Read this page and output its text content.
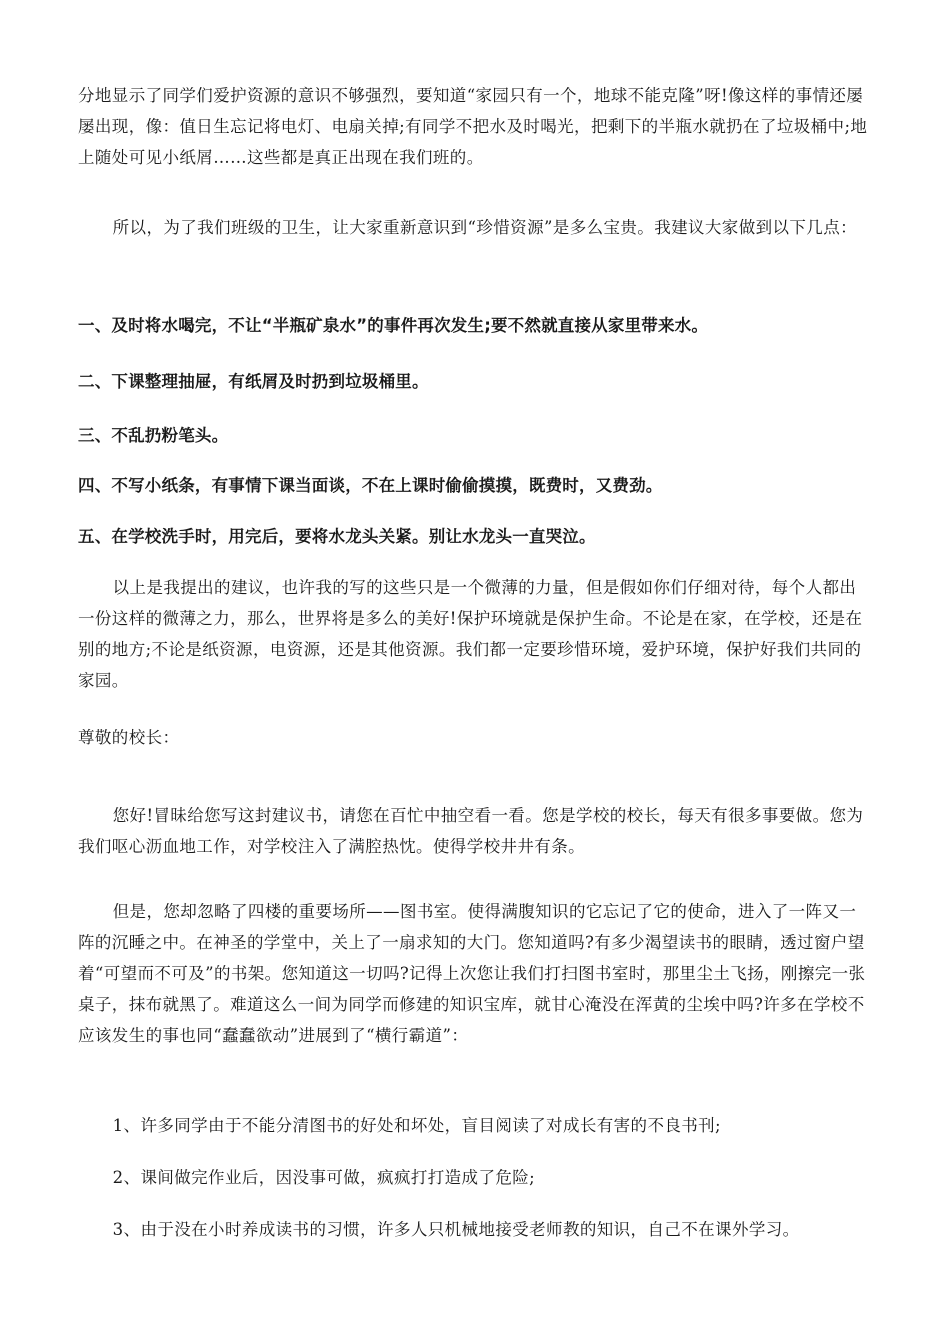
分地显示了同学们爱护资源的意识不够强烈，要知道“家园只有一个，地球不能克隆”呀!像这样的事情还屡屡出现，像：值日生忘记将电灯、电扇关掉;有同学不把水及时喝光，把剩下的半瓶水就扔在了垃圾桶中;地上随处可见小纸屑……这些都是真正出现在我们班的。

所以，为了我们班级的卫生，让大家重新意识到“珍惜资源”是多么宝贵。我建议大家做到以下几点：

一、及时将水喝完，不让“半瓶矿泉水”的事件再次发生;要不然就直接从家里带来水。

二、下课整理抽屉，有纸屑及时扔到垃圾桶里。

三、不乱扔粉笔头。

四、不写小纸条，有事情下课当面谈，不在上课时偷偷摸摸，既费时，又费劲。

五、在学校洗手时，用完后，要将水龙头关紧。别让水龙头一直哭泣。

以上是我提出的建议，也许我的写的这些只是一个微薄的力量，但是假如你们仔细对待，每个人都出一份这样的微薄之力，那么，世界将是多么的美好!保护环境就是保护生命。不论是在家，在学校，还是在别的地方;不论是纸资源，电资源，还是其他资源。我们都一定要珍惜环境，爱护环境，保护好我们共同的家园。

尊敬的校长：

您好!冒昧给您写这封建议书，请您在百忙中抽空看一看。您是学校的校长，每天有很多事要做。您为我们呕心沥血地工作，对学校注入了满腔热忱。使得学校井井有条。

但是，您却忽略了四楼的重要场所——图书室。使得满腹知识的它忘记了它的使命，进入了一阵又一阵的沉睡之中。在神圣的学堂中，关上了一扇求知的大门。您知道吗?有多少渴望读书的眼睛，透过窗户望着“可望而不可及”的书架。您知道这一切吗?记得上次您让我们打扫图书室时，那里尘土飞扬，刚擦完一张桌子，抹布就黑了。难道这么一间为同学而修建的知识宝库，就甘心淹没在浑黄的尘埃中吗?许多在学校不应该发生的事也同“蠢蠢欲动”进展到了“横行霸道”：

1、许多同学由于不能分清图书的好处和坏处，盲目阅读了对成长有害的不良书刊;

2、课间做完作业后，因没事可做，疯疯打打造成了危险;

3、由于没在小时养成读书的习惯，许多人只机械地接受老师教的知识，自己不在课外学习。
